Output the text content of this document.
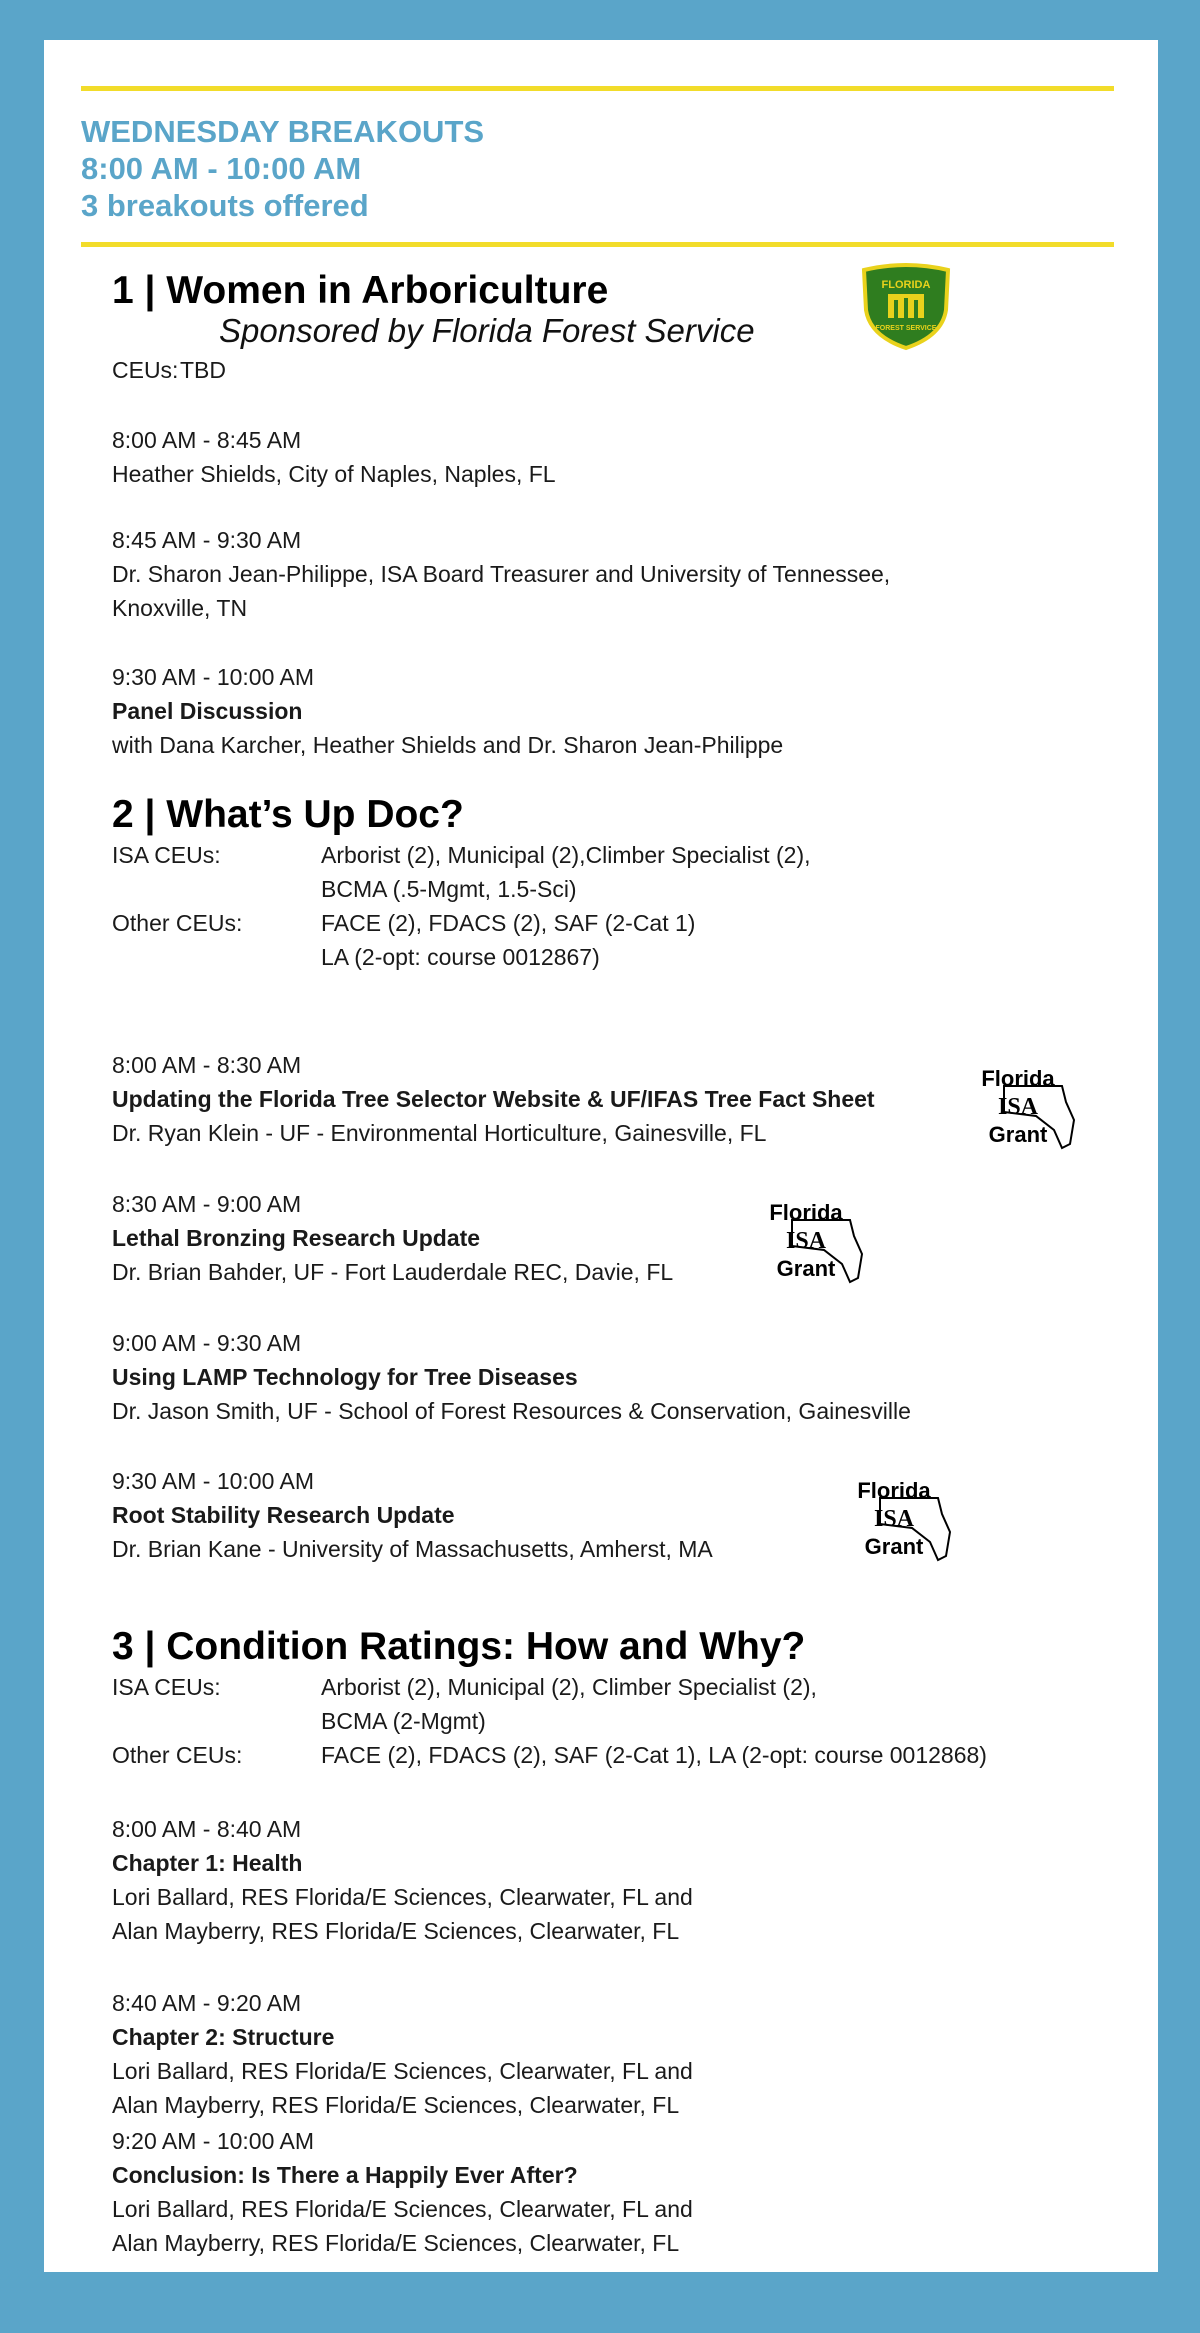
WEDNESDAY BREAKOUTS
8:00 AM - 10:00 AM
3 breakouts offered
1 | Women in Arboriculture
Sponsored by Florida Forest Service
FLORIDA
FOREST SERVICE
CEUs: TBD
8:00 AM - 8:45 AM
Heather Shields, City of Naples, Naples, FL
8:45 AM - 9:30 AM
Dr. Sharon Jean-Philippe, ISA Board Treasurer and University of Tennessee,
Knoxville, TN
9:30 AM - 10:00 AM
Panel Discussion
with Dana Karcher, Heather Shields and Dr. Sharon Jean-Philippe
2 | What’s Up Doc?
ISA CEUs:	Arborist (2), Municipal (2),Climber Specialist (2),
BCMA (.5-Mgmt, 1.5-Sci)
Other CEUs:	FACE (2), FDACS (2), SAF (2-Cat 1)
LA (2-opt: course 0012867)
8:00 AM - 8:30 AM
Updating the Florida Tree Selector Website & UF/IFAS Tree Fact Sheet
Dr. Ryan Klein - UF - Environmental Horticulture, Gainesville, FL
8:30 AM - 9:00 AM
Lethal Bronzing Research Update
Dr. Brian Bahder, UF - Fort Lauderdale REC, Davie, FL
9:00 AM - 9:30 AM
Using LAMP Technology for Tree Diseases
Dr. Jason Smith, UF - School of Forest Resources & Conservation, Gainesville
9:30 AM - 10:00 AM
Root Stability Research Update
Dr. Brian Kane - University of Massachusetts, Amherst, MA
Florida
ISA
Grant
Florida
ISA
Grant
Florida
ISA
Grant
3 | Condition Ratings: How and Why?
ISA CEUs:	Arborist (2), Municipal (2), Climber Specialist (2),
BCMA (2-Mgmt)
Other CEUs:	FACE (2), FDACS (2), SAF (2-Cat 1), LA (2-opt: course 0012868)
8:00 AM - 8:40 AM
Chapter 1: Health
Lori Ballard, RES Florida/E Sciences, Clearwater, FL and
Alan Mayberry, RES Florida/E Sciences, Clearwater, FL
8:40 AM - 9:20 AM
Chapter 2: Structure
Lori Ballard, RES Florida/E Sciences, Clearwater, FL and
Alan Mayberry, RES Florida/E Sciences, Clearwater, FL
9:20 AM - 10:00 AM
Conclusion: Is There a Happily Ever After?
Lori Ballard, RES Florida/E Sciences, Clearwater, FL and
Alan Mayberry, RES Florida/E Sciences, Clearwater, FL
